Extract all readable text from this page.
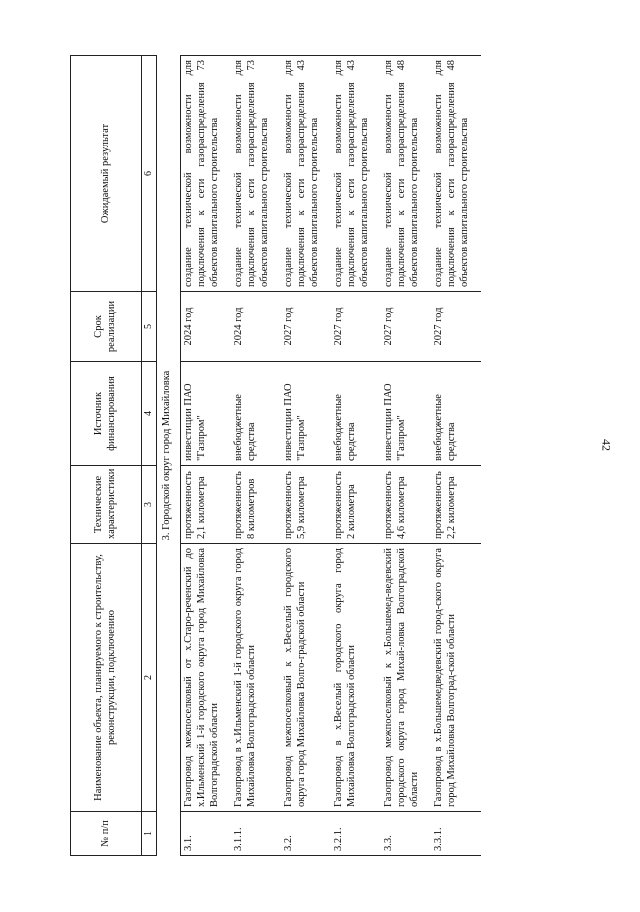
42
№ п/п	Наименование объекта, планируемого к строительству, реконструкции, подключению	Технические характеристики	Источник финансирования	Срок реализации	Ожидаемый результат
1	2	3	4	5	6
3. Городской округ город Михайловка					
3.1.	Газопровод межпоселковый от х.Старо-реченский до х.Ильменский 1-й городского округа город Михайловка Волгоградской области	протяженность 2,1 километра	инвестиции ПАО "Газпром"	2024 год	создание технической возможности для подключения к сети газораспределения 73 объектов капитального строительства
3.1.1.	Газопровод в х.Ильменский 1-й городского округа город Михайловка Волгоградской области	протяженность 8 километров	внебюджетные средства	2024 год	создание технической возможности для подключения к сети газораспределения 73 объектов капитального строительства
3.2.	Газопровод межпоселковый к х.Веселый городского округа город Михайловка Волго-градской области	протяженность 5,9 километра	инвестиции ПАО "Газпром"	2027 год	создание технической возможности для подключения к сети газораспределения 43 объектов капитального строительства
3.2.1.	Газопровод в х.Веселый городского округа город Михайловка Волгоградской области	протяженность 2 километра	внебюджетные средства	2027 год	создание технической возможности для подключения к сети газораспределения 43 объектов капитального строительства
3.3.	Газопровод межпоселковый к х.Большемед-ведевский городского округа город Михай-ловка Волгоградской области	протяженность 4,6 километра	инвестиции ПАО "Газпром"	2027 год	создание технической возможности для подключения к сети газораспределения 48 объектов капитального строительства
3.3.1.	Газопровод в х.Большемедведевский город-ского округа город Михайловка Волгоград-ской области	протяженность 2,2 километра	внебюджетные средства	2027 год	создание технической возможности для подключения к сети газораспределения 48 объектов капитального строительства
